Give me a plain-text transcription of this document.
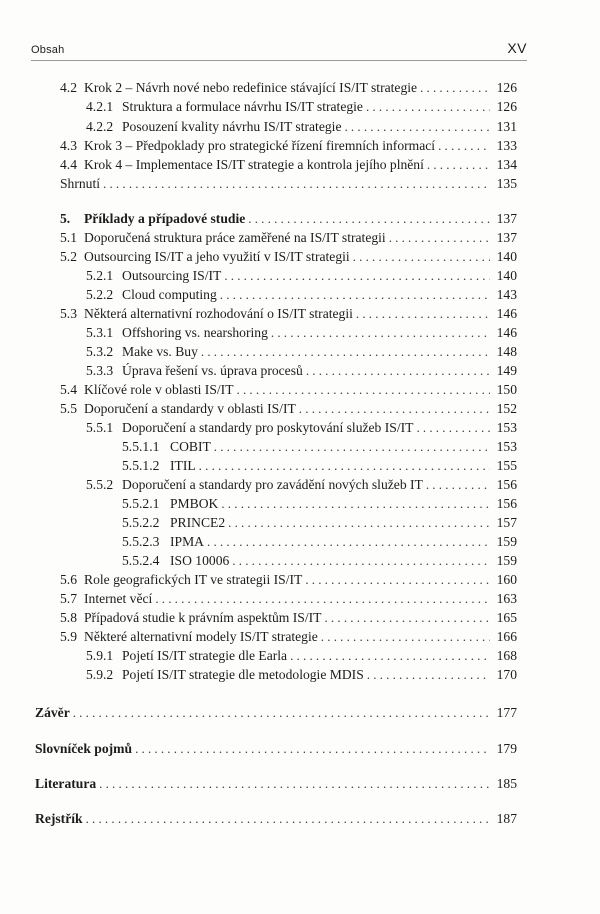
Obsah	XV
4.2 Krok 2 – Návrh nové nebo redefinice stávající IS/IT strategie .....	126
4.2.1 Struktura a formulace návrhu IS/IT strategie .....	126
4.2.2 Posouzení kvality návrhu IS/IT strategie .....	131
4.3 Krok 3 – Předpoklady pro strategické řízení firemních informací .....	133
4.4 Krok 4 – Implementace IS/IT strategie a kontrola jejího plnění .....	134
Shrnutí .....	135
5.	Příklady a případové studie .....	137
5.1 Doporučená struktura práce zaměřené na IS/IT strategii .....	137
5.2 Outsourcing IS/IT a jeho využití v IS/IT strategii .....	140
5.2.1 Outsourcing IS/IT .....	140
5.2.2 Cloud computing .....	143
5.3 Některá alternativní rozhodování o IS/IT strategii .....	146
5.3.1 Offshoring vs. nearshoring .....	146
5.3.2 Make vs. Buy .....	148
5.3.3 Úprava řešení vs. úprava procesů .....	149
5.4 Klíčové role v oblasti IS/IT .....	150
5.5 Doporučení a standardy v oblasti IS/IT .....	152
5.5.1 Doporučení a standardy pro poskytování služeb IS/IT .....	153
5.5.1.1 COBIT .....	153
5.5.1.2 ITIL .....	155
5.5.2 Doporučení a standardy pro zavádění nových služeb IT .....	156
5.5.2.1 PMBOK .....	156
5.5.2.2 PRINCE2 .....	157
5.5.2.3 IPMA .....	159
5.5.2.4 ISO 10006 .....	159
5.6 Role geografických IT ve strategii IS/IT .....	160
5.7 Internet věcí .....	163
5.8 Případová studie k právním aspektům IS/IT .....	165
5.9 Některé alternativní modely IS/IT strategie .....	166
5.9.1 Pojetí IS/IT strategie dle Earla .....	168
5.9.2 Pojetí IS/IT strategie dle metodologie MDIS .....	170
Závěr .....	177
Slovníček pojmů .....	179
Literatura .....	185
Rejstřík .....	187
